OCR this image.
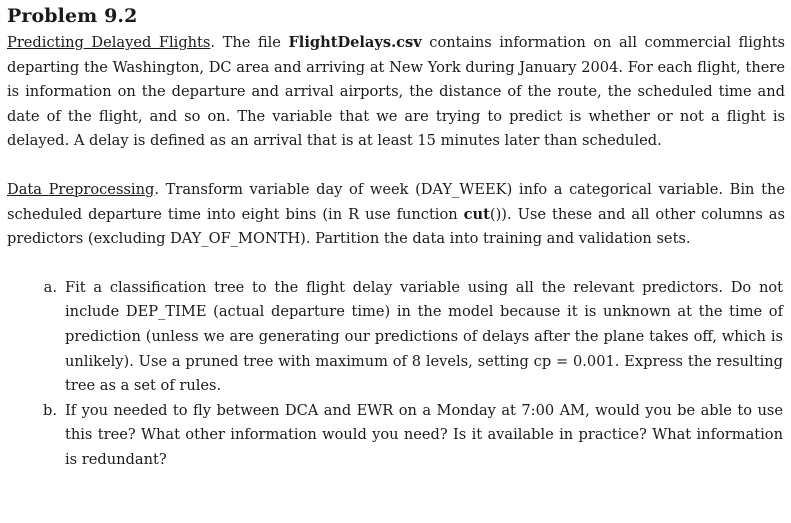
Problem 9.2

Predicting Delayed Flights. The file FlightDelays.csv contains information on all commercial flights departing the Washington, DC area and arriving at New York during January 2004. For each flight, there is information on the departure and arrival airports, the distance of the route, the scheduled time and date of the flight, and so on. The variable that we are trying to predict is whether or not a flight is delayed. A delay is defined as an arrival that is at least 15 minutes later than scheduled.

Data Preprocessing. Transform variable day of week (DAY_WEEK) info a categorical variable. Bin the scheduled departure time into eight bins (in R use function cut()). Use these and all other columns as predictors (excluding DAY_OF_MONTH). Partition the data into training and validation sets.

a. Fit a classification tree to the flight delay variable using all the relevant predictors. Do not include DEP_TIME (actual departure time) in the model because it is unknown at the time of prediction (unless we are generating our predictions of delays after the plane takes off, which is unlikely). Use a pruned tree with maximum of 8 levels, setting cp = 0.001. Express the resulting tree as a set of rules.
b. If you needed to fly between DCA and EWR on a Monday at 7:00 AM, would you be able to use this tree? What other information would you need? Is it available in practice? What information is redundant?
